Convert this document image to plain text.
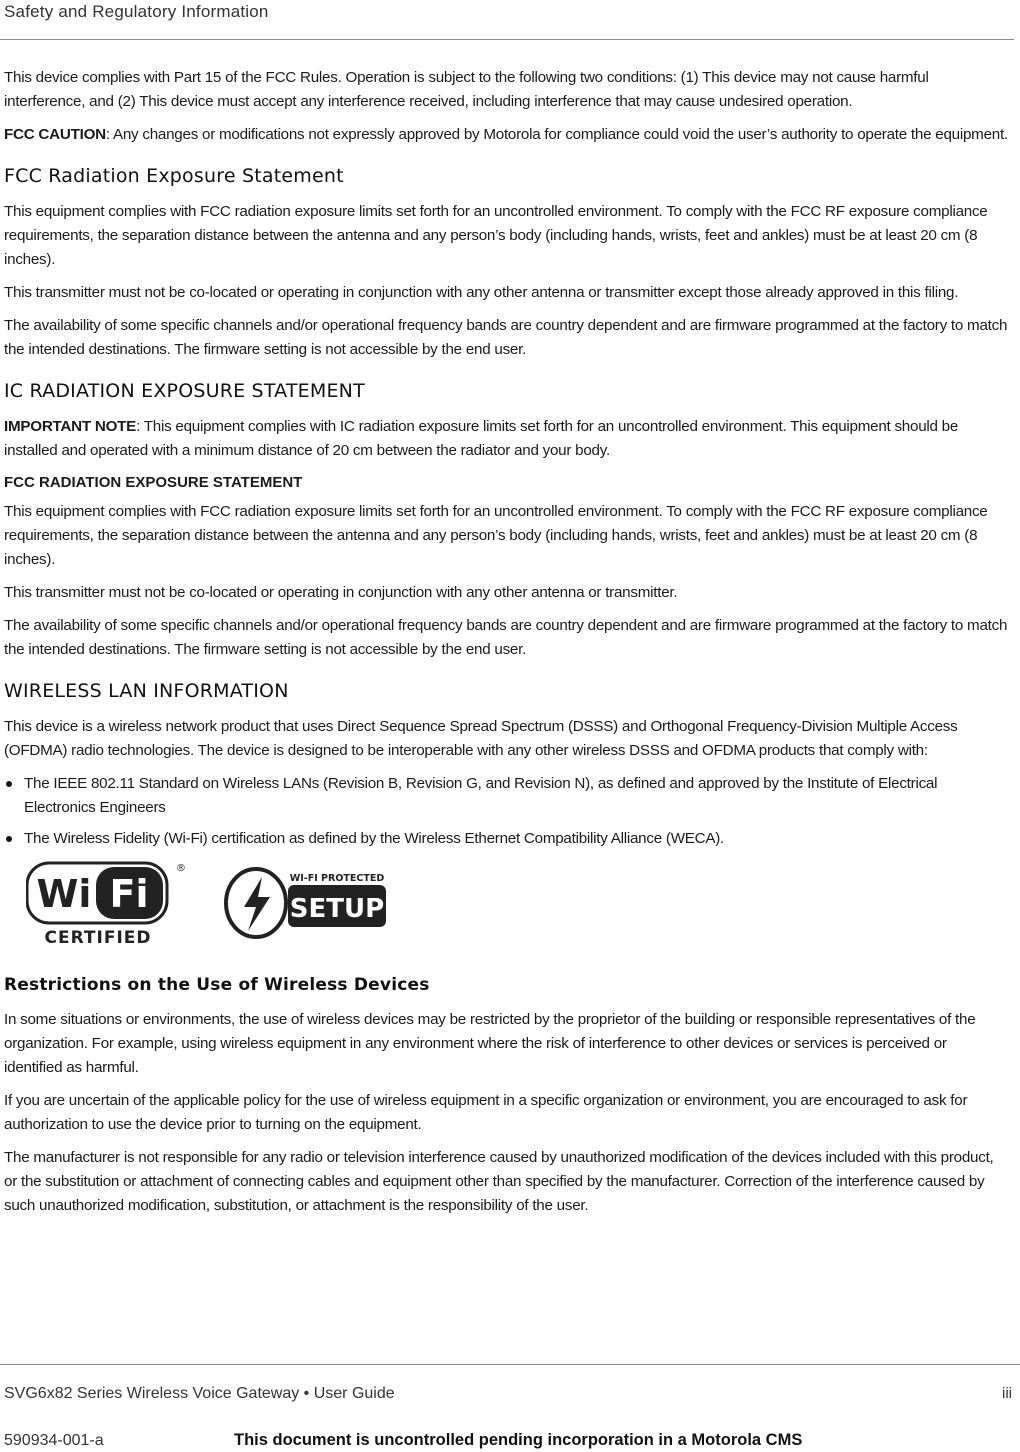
Safety and Regulatory Information

This device complies with Part 15 of the FCC Rules. Operation is subject to the following two conditions: (1) This device may not cause harmful interference, and (2) This device must accept any interference received, including interference that may cause undesired operation.

FCC CAUTION: Any changes or modifications not expressly approved by Motorola for compliance could void the user’s authority to operate the equipment.

FCC Radiation Exposure Statement

This equipment complies with FCC radiation exposure limits set forth for an uncontrolled environment. To comply with the FCC RF exposure compliance requirements, the separation distance between the antenna and any person’s body (including hands, wrists, feet and ankles) must be at least 20 cm (8 inches).

This transmitter must not be co-located or operating in conjunction with any other antenna or transmitter except those already approved in this filing.

The availability of some specific channels and/or operational frequency bands are country dependent and are firmware programmed at the factory to match the intended destinations. The firmware setting is not accessible by the end user.

IC RADIATION EXPOSURE STATEMENT

IMPORTANT NOTE: This equipment complies with IC radiation exposure limits set forth for an uncontrolled environment. This equipment should be installed and operated with a minimum distance of 20 cm between the radiator and your body.

FCC RADIATION EXPOSURE STATEMENT

This equipment complies with FCC radiation exposure limits set forth for an uncontrolled environment. To comply with the FCC RF exposure compliance requirements, the separation distance between the antenna and any person’s body (including hands, wrists, feet and ankles) must be at least 20 cm (8 inches).

This transmitter must not be co-located or operating in conjunction with any other antenna or transmitter.

The availability of some specific channels and/or operational frequency bands are country dependent and are firmware programmed at the factory to match the intended destinations. The firmware setting is not accessible by the end user.

WIRELESS LAN INFORMATION

This device is a wireless network product that uses Direct Sequence Spread Spectrum (DSSS) and Orthogonal Frequency-Division Multiple Access (OFDMA) radio technologies. The device is designed to be interoperable with any other wireless DSSS and OFDMA products that comply with:

The IEEE 802.11 Standard on Wireless LANs (Revision B, Revision G, and Revision N), as defined and approved by the Institute of Electrical Electronics Engineers
The Wireless Fidelity (Wi-Fi) certification as defined by the Wireless Ethernet Compatibility Alliance (WECA).
Wi Fi
®
CERTIFIED
WI-FI PROTECTED
SETUP
Restrictions on the Use of Wireless Devices

In some situations or environments, the use of wireless devices may be restricted by the proprietor of the building or responsible representatives of the organization. For example, using wireless equipment in any environment where the risk of interference to other devices or services is perceived or identified as harmful.

If you are uncertain of the applicable policy for the use of wireless equipment in a specific organization or environment, you are encouraged to ask for authorization to use the device prior to turning on the equipment.

The manufacturer is not responsible for any radio or television interference caused by unauthorized modification of the devices included with this product, or the substitution or attachment of connecting cables and equipment other than specified by the manufacturer. Correction of the interference caused by such unauthorized modification, substitution, or attachment is the responsibility of the user.

SVG6x82 Series Wireless Voice Gateway • User Guide	iii
590934-001-a	This document is uncontrolled pending incorporation in a Motorola CMS
